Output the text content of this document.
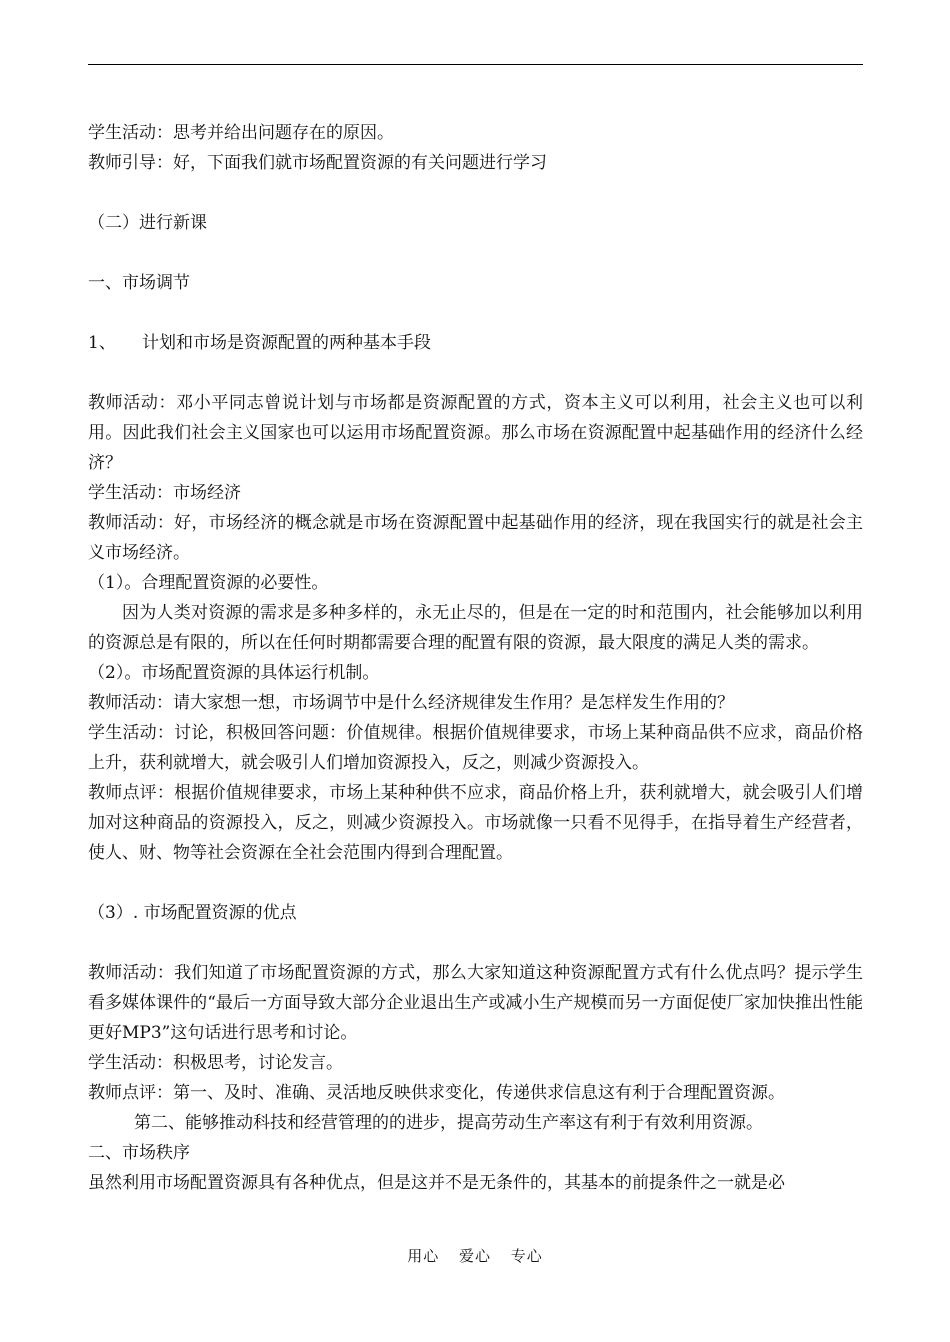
学生活动：思考并给出问题存在的原因。

教师引导：好，下面我们就市场配置资源的有关问题进行学习

（二）进行新课

一、市场调节

1、	计划和市场是资源配置的两种基本手段

教师活动：邓小平同志曾说计划与市场都是资源配置的方式，资本主义可以利用，社会主义也可以利用。因此我们社会主义国家也可以运用市场配置资源。那么市场在资源配置中起基础作用的经济什么经济？

学生活动：市场经济

教师活动：好，市场经济的概念就是市场在资源配置中起基础作用的经济，现在我国实行的就是社会主义市场经济。

（1）。合理配置资源的必要性。

因为人类对资源的需求是多种多样的，永无止尽的，但是在一定的时和范围内，社会能够加以利用的资源总是有限的，所以在任何时期都需要合理的配置有限的资源，最大限度的满足人类的需求。

（2）。市场配置资源的具体运行机制。

教师活动：请大家想一想，市场调节中是什么经济规律发生作用？是怎样发生作用的？

学生活动：讨论，积极回答问题：价值规律。根据价值规律要求，市场上某种商品供不应求，商品价格上升，获利就增大，就会吸引人们增加资源投入，反之，则减少资源投入。

教师点评：根据价值规律要求，市场上某种种供不应求，商品价格上升，获利就增大，就会吸引人们增加对这种商品的资源投入，反之，则减少资源投入。市场就像一只看不见得手，在指导着生产经营者，使人、财、物等社会资源在全社会范围内得到合理配置。

（3）. 市场配置资源的优点

教师活动：我们知道了市场配置资源的方式，那么大家知道这种资源配置方式有什么优点吗？提示学生看多媒体课件的“最后一方面导致大部分企业退出生产或减小生产规模而另一方面促使厂家加快推出性能更好MP3”这句话进行思考和讨论。

学生活动：积极思考，讨论发言。

教师点评：第一、及时、准确、灵活地反映供求变化，传递供求信息这有利于合理配置资源。

第二、能够推动科技和经营管理的的进步，提高劳动生产率这有利于有效利用资源。

二、市场秩序

虽然利用市场配置资源具有各种优点，但是这并不是无条件的，其基本的前提条件之一就是必

用心 爱心 专心
